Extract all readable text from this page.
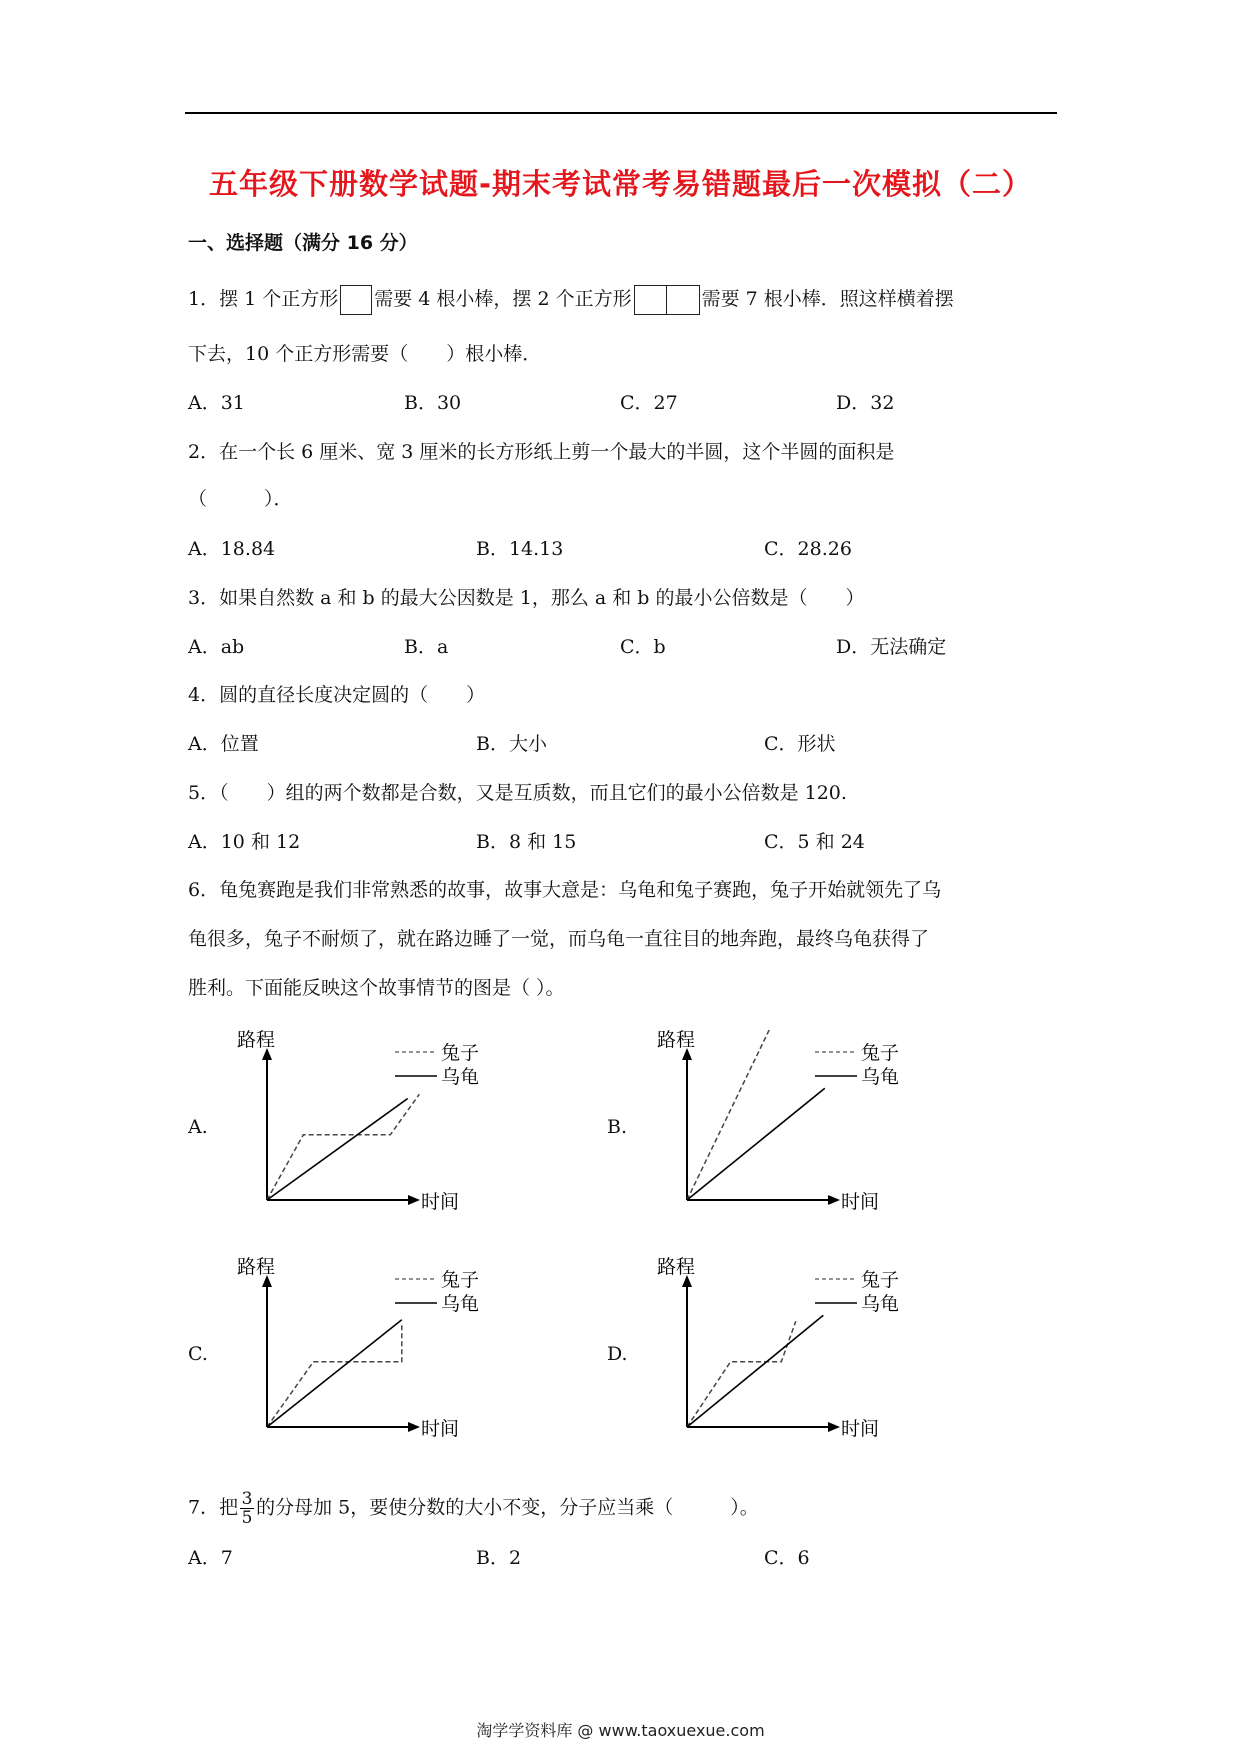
五年级下册数学试题-期末考试常考易错题最后一次模拟（二）
一、选择题（满分 16 分）
1．摆 1 个正方形 需要 4 根小棒，摆 2 个正方形	需要 7 根小棒．照这样横着摆
下去，10 个正方形需要（　　）根小棒．
A．31	B．30	C．27	D．32
2．在一个长 6 厘米、宽 3 厘米的长方形纸上剪一个最大的半圆，这个半圆的面积是
（　　　）．
A．18.84	B．14.13	C．28.26
3．如果自然数 a 和 b 的最大公因数是 1，那么 a 和 b 的最小公倍数是（　　）
A．ab	B．a	C．b	D．无法确定
4．圆的直径长度决定圆的（　　）
A．位置	B．大小	C．形状
5．（　　）组的两个数都是合数，又是互质数，而且它们的最小公倍数是 120.
A．10 和 12	B．8 和 15	C．5 和 24
6．龟兔赛跑是我们非常熟悉的故事，故事大意是：乌龟和兔子赛跑，兔子开始就领先了乌
龟很多，兔子不耐烦了，就在路边睡了一觉，而乌龟一直往目的地奔跑，最终乌龟获得了
胜利。下面能反映这个故事情节的图是（ ）。
A.	B.
C.	D.
路程
时间
兔子
乌龟
路程
时间
兔子
乌龟
路程
时间
兔子
乌龟
路程
时间
兔子
乌龟
7．把 $\frac{3}{5}$ 的分母加 5，要使分数的大小不变，分子应当乘（　　　）。
A．7	B．2	C．6
淘学学资料库 @ www.taoxuexue.com
